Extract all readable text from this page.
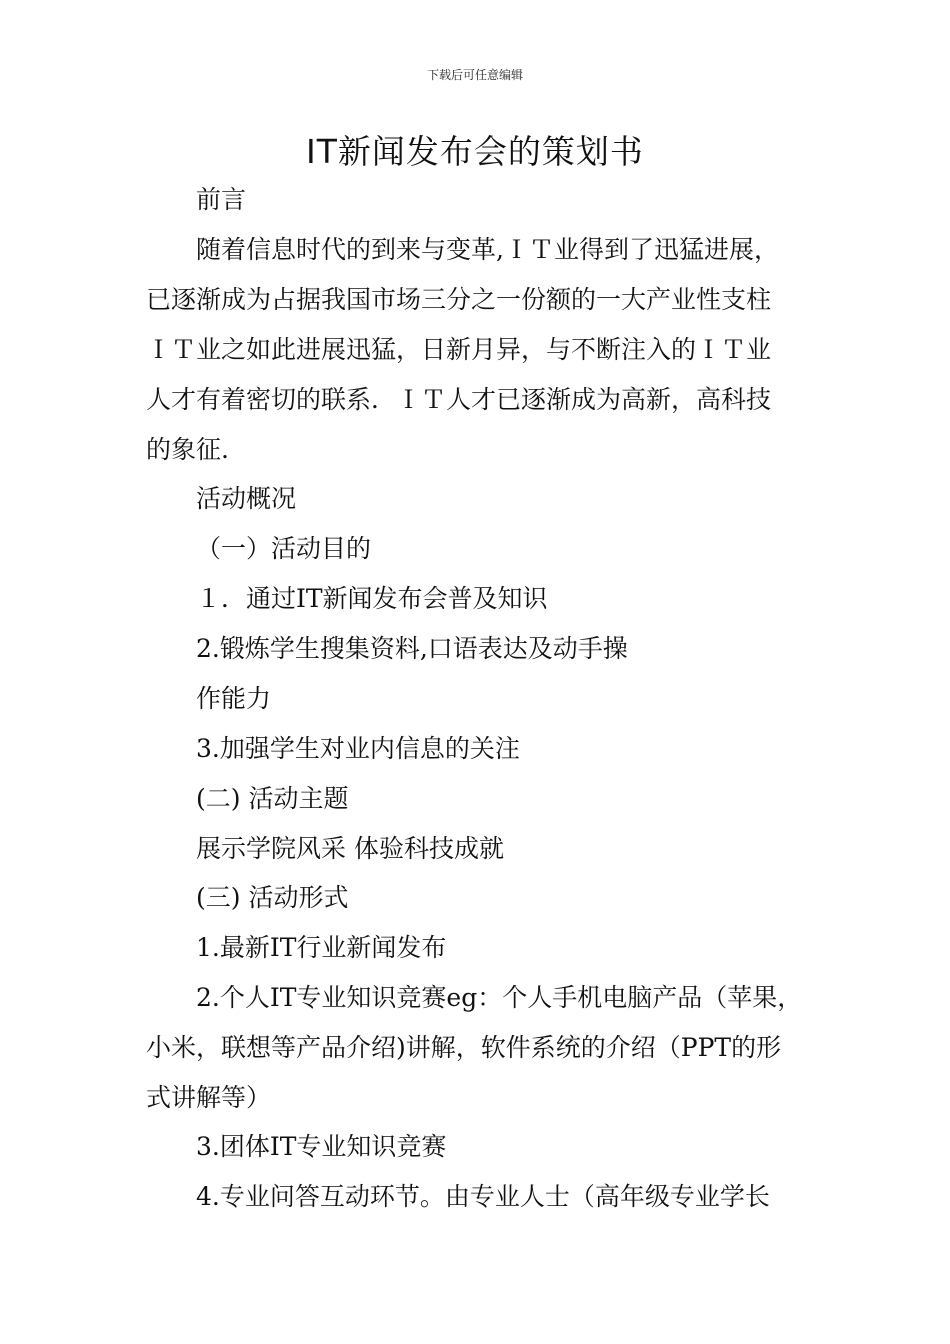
下载后可任意编辑
IT新闻发布会的策划书
前言
随着信息时代的到来与变革,ＩＴ业得到了迅猛进展，
已逐渐成为占据我国市场三分之一份额的一大产业性支柱
ＩＴ业之如此进展迅猛，日新月异，与不断注入的ＩＴ业
人才有着密切的联系．ＩＴ人才已逐渐成为高新，高科技
的象征.
活动概况
（一）活动目的
１．通过IT新闻发布会普及知识
2.锻炼学生搜集资料,口语表达及动手操
作能力
3.加强学生对业内信息的关注
(二) 活动主题
展示学院风采 体验科技成就
(三) 活动形式
1.最新IT行业新闻发布
2.个人IT专业知识竞赛eg：个人手机电脑产品（苹果，
小米，联想等产品介绍)讲解，软件系统的介绍（PPT的形
式讲解等）
3.团体IT专业知识竞赛
4.专业问答互动环节。由专业人士（高年级专业学长
